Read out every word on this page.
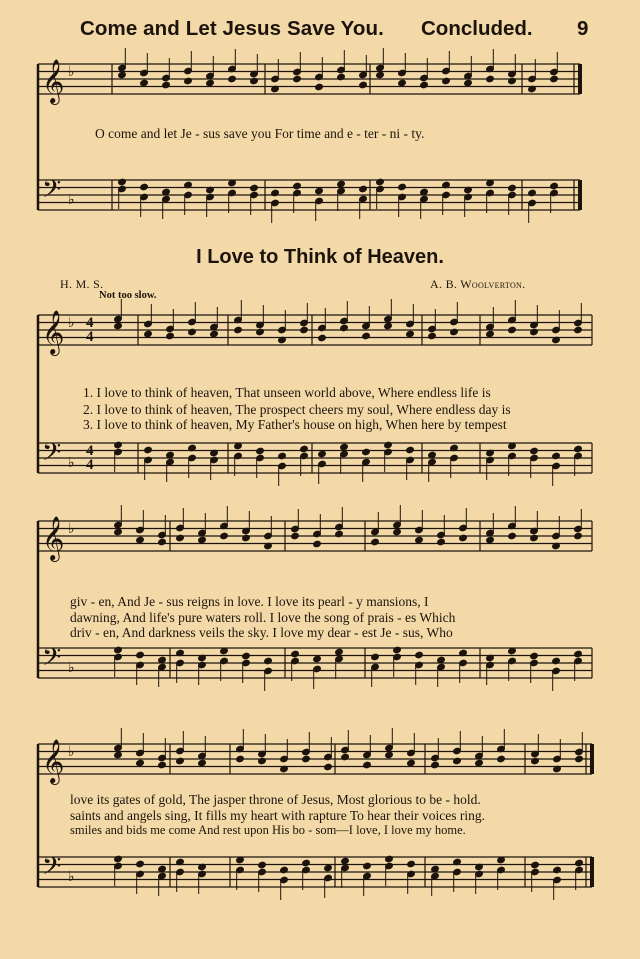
Come and Let Jesus Save You. Concluded. 9
𝄞
𝄢
♭
♭
𝄞
𝄢
♭
♭
4
4
4
4
𝄞
𝄢
♭
♭
𝄞
𝄢
♭
♭
O come and let Je - sus save you For time and e - ter - ni - ty.
I Love to Think of Heaven.
H. M. S.	A. B. Woolverton.
Not too slow.
1. I love to think of heaven, That unseen world above, Where endless life is
2. I love to think of heaven, The prospect cheers my soul, Where endless day is
3. I love to think of heaven, My Father's house on high, When here by tempest
giv - en, And Je - sus reigns in love. I love its pearl - y mansions, I
dawning, And life's pure waters roll. I love the song of prais - es Which
driv - en, And darkness veils the sky. I love my dear - est Je - sus, Who
love its gates of gold, The jasper throne of Jesus, Most glorious to be - hold.
saints and angels sing, It fills my heart with rapture To hear their voices ring.
smiles and bids me come And rest upon His bo - som—I love, I love my home.
